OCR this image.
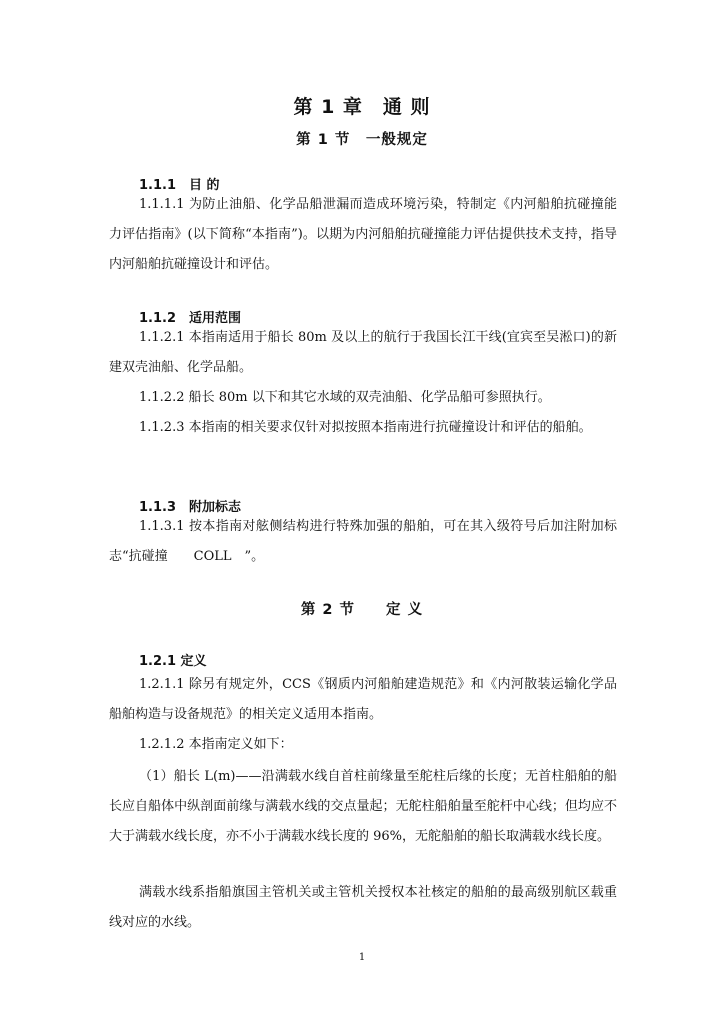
第 1 章　通 则
第 1 节　一般规定
1.1.1　目 的

1.1.1.1 为防止油船、化学品船泄漏而造成环境污染，特制定《内河船舶抗碰撞能力评估指南》(以下简称“本指南”)。以期为内河船舶抗碰撞能力评估提供技术支持，指导内河船舶抗碰撞设计和评估。

1.1.2　适用范围

1.1.2.1 本指南适用于船长 80m 及以上的航行于我国长江干线(宜宾至吴淞口)的新建双壳油船、化学品船。

1.1.2.2 船长 80m 以下和其它水域的双壳油船、化学品船可参照执行。

1.1.2.3 本指南的相关要求仅针对拟按照本指南进行抗碰撞设计和评估的船舶。

1.1.3　附加标志

1.1.3.1 按本指南对舷侧结构进行特殊加强的船舶，可在其入级符号后加注附加标志“抗碰撞　　COLL　”。

第 2 节　　定 义
1.2.1 定义

1.2.1.1 除另有规定外，CCS《钢质内河船舶建造规范》和《内河散装运输化学品船舶构造与设备规范》的相关定义适用本指南。

1.2.1.2 本指南定义如下：

（1）船长 L(m)——沿满载水线自首柱前缘量至舵柱后缘的长度；无首柱船舶的船长应自船体中纵剖面前缘与满载水线的交点量起；无舵柱船舶量至舵杆中心线；但均应不大于满载水线长度，亦不小于满载水线长度的 96%，无舵船舶的船长取满载水线长度。

满载水线系指船旗国主管机关或主管机关授权本社核定的船舶的最高级别航区载重线对应的水线。

1
